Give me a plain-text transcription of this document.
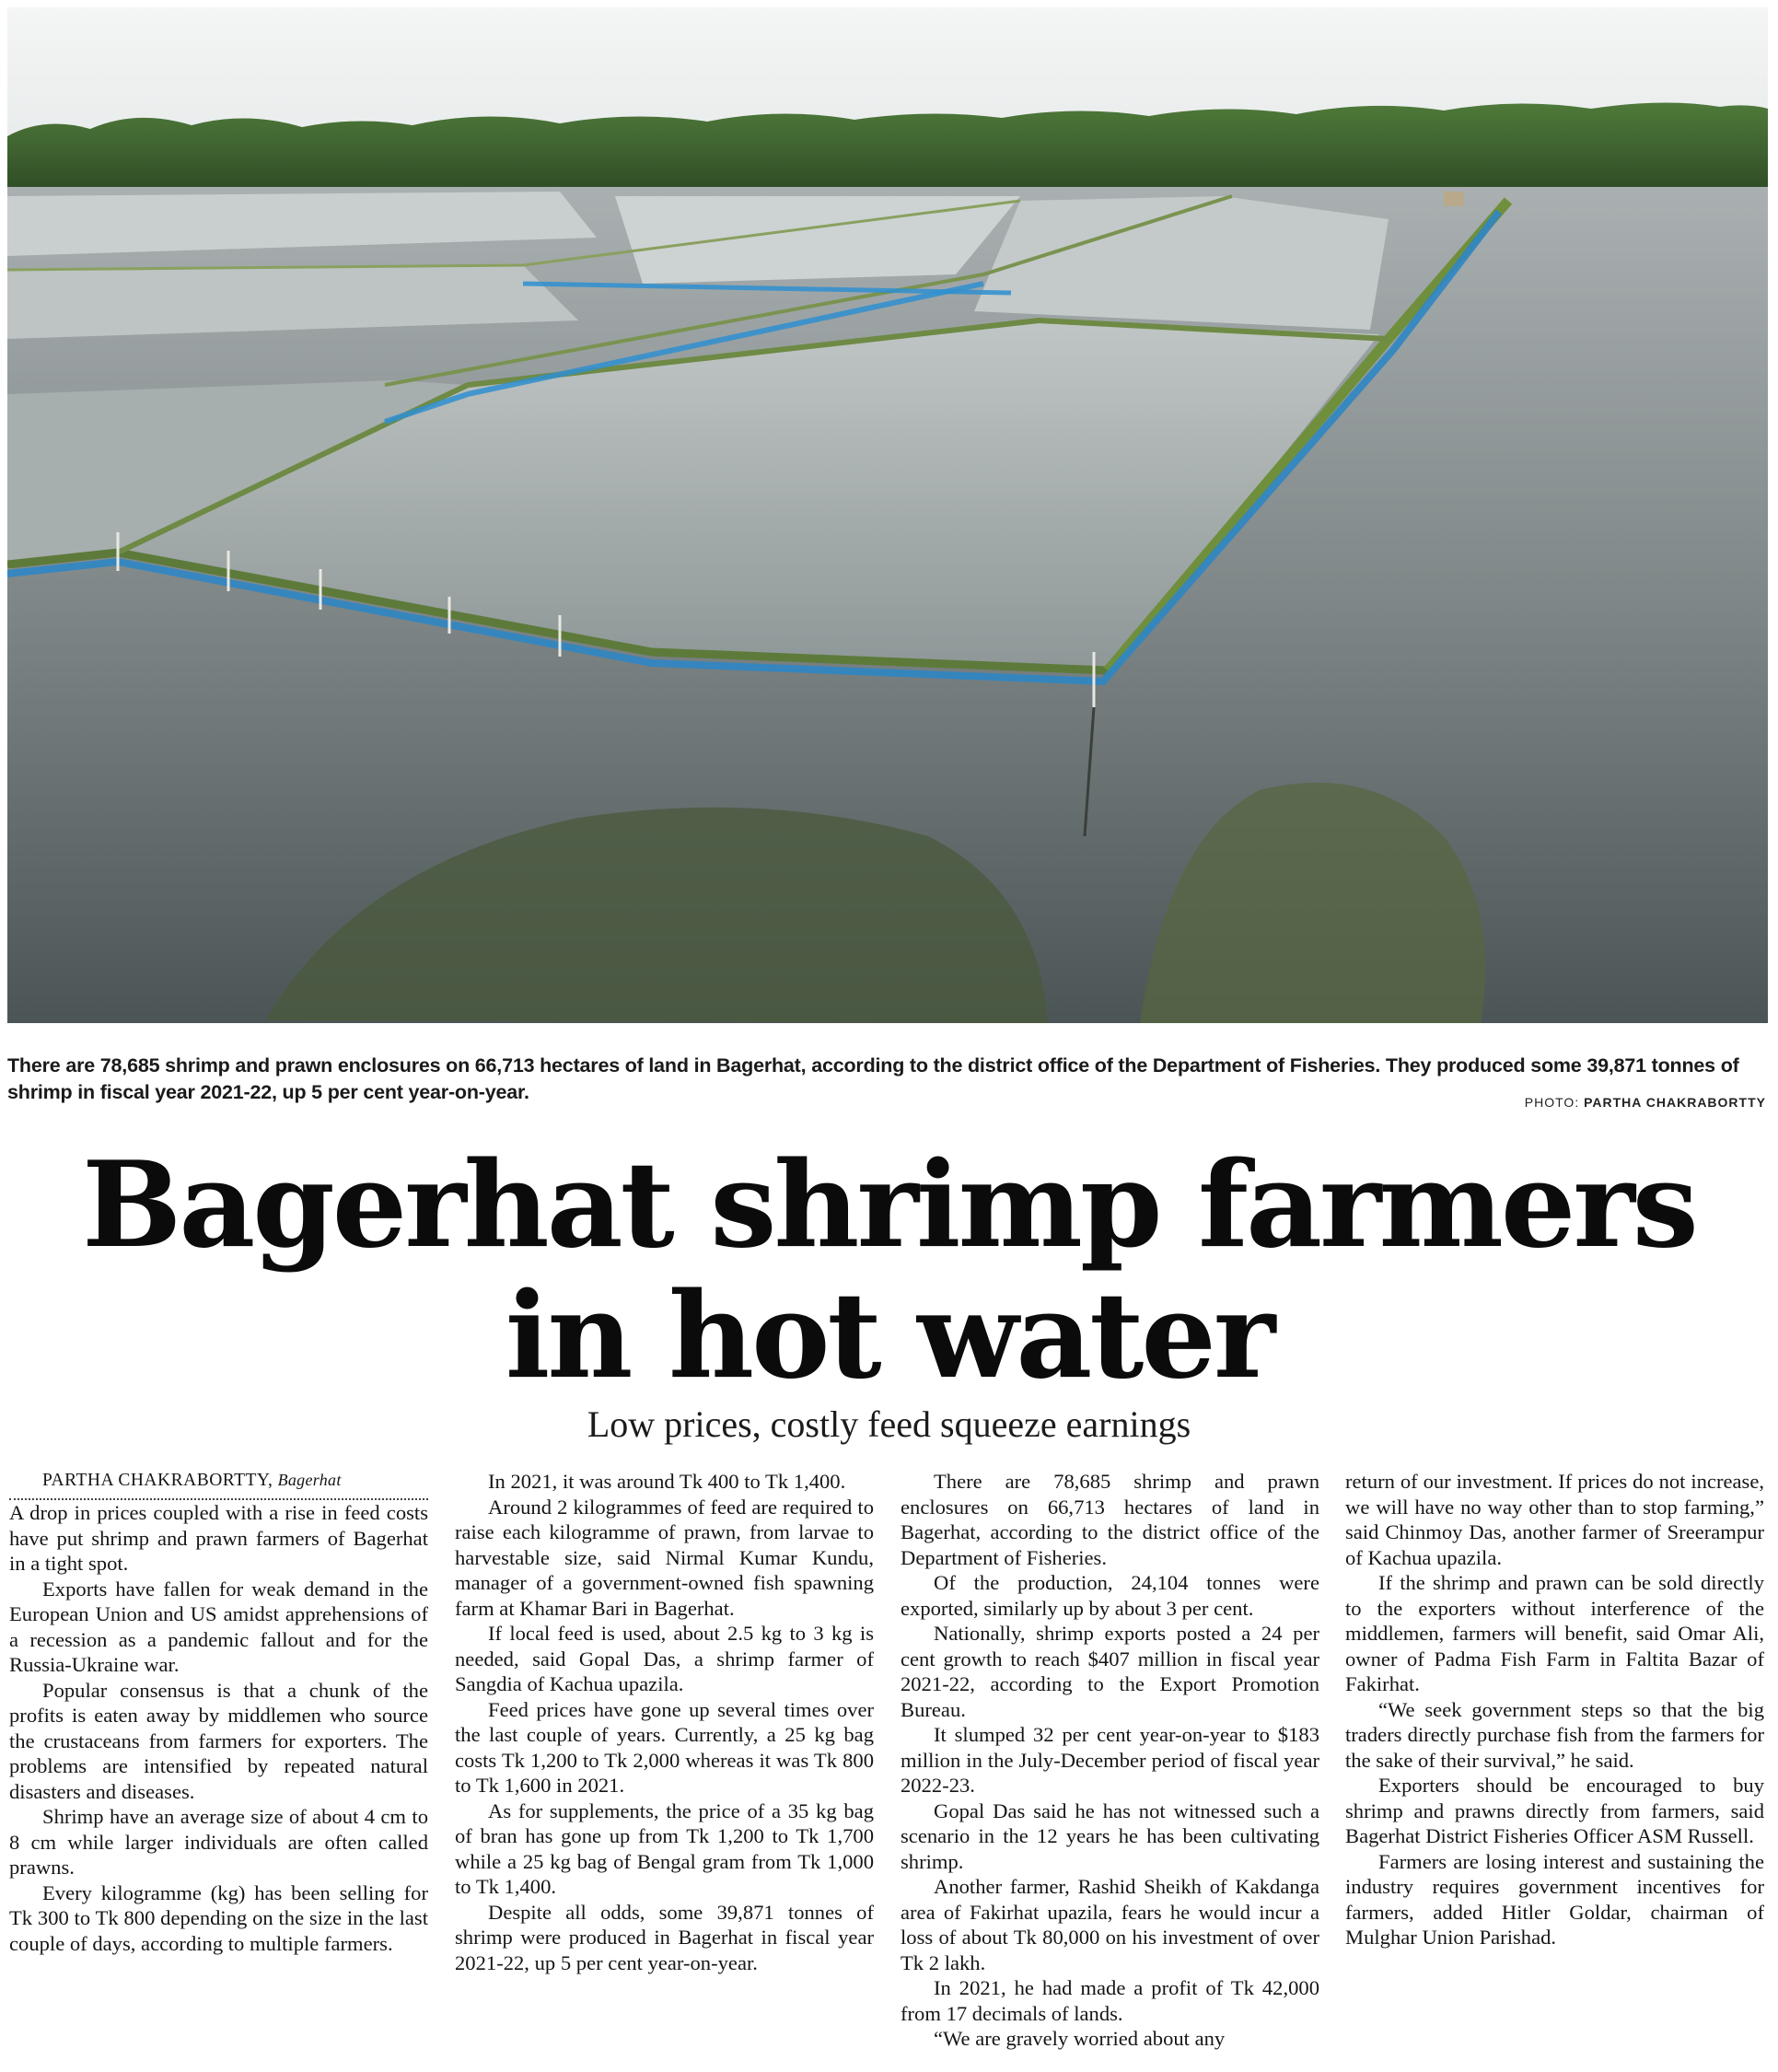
There are 78,685 shrimp and prawn enclosures on 66,713 hectares of land in Bagerhat, according to the district office of the Department of Fisheries. They produced some 39,871 tonnes of shrimp in fiscal year 2021-22, up 5 per cent year-on-year.	PHOTO: PARTHA CHAKRABORTTY
Bagerhat shrimp farmers
in hot water
Low prices, costly feed squeeze earnings

PARTHA CHAKRABORTTY, Bagerhat

A drop in prices coupled with a rise in feed costs have put shrimp and prawn farmers of Bagerhat in a tight spot.

Exports have fallen for weak demand in the European Union and US amidst apprehensions of a recession as a pandemic fallout and for the Russia-Ukraine war.

Popular consensus is that a chunk of the profits is eaten away by middlemen who source the crustaceans from farmers for exporters. The problems are intensified by repeated natural disasters and diseases.

Shrimp have an average size of about 4 cm to 8 cm while larger individuals are often called prawns.

Every kilogramme (kg) has been selling for Tk 300 to Tk 800 depending on the size in the last couple of days, according to multiple farmers.

In 2021, it was around Tk 400 to Tk 1,400.

Around 2 kilogrammes of feed are required to raise each kilogramme of prawn, from larvae to harvestable size, said Nirmal Kumar Kundu, manager of a government-owned fish spawning farm at Khamar Bari in Bagerhat.

If local feed is used, about 2.5 kg to 3 kg is needed, said Gopal Das, a shrimp farmer of Sangdia of Kachua upazila.

Feed prices have gone up several times over the last couple of years. Currently, a 25 kg bag costs Tk 1,200 to Tk 2,000 whereas it was Tk 800 to Tk 1,600 in 2021.

As for supplements, the price of a 35 kg bag of bran has gone up from Tk 1,200 to Tk 1,700 while a 25 kg bag of Bengal gram from Tk 1,000 to Tk 1,400.

Despite all odds, some 39,871 tonnes of shrimp were produced in Bagerhat in fiscal year 2021-22, up 5 per cent year-on-year.

There are 78,685 shrimp and prawn enclosures on 66,713 hectares of land in Bagerhat, according to the district office of the Department of Fisheries.

Of the production, 24,104 tonnes were exported, similarly up by about 3 per cent.

Nationally, shrimp exports posted a 24 per cent growth to reach $407 million in fiscal year 2021-22, according to the Export Promotion Bureau.

It slumped 32 per cent year-on-year to $183 million in the July-December period of fiscal year 2022-23.

Gopal Das said he has not witnessed such a scenario in the 12 years he has been cultivating shrimp.

Another farmer, Rashid Sheikh of Kakdanga area of Fakirhat upazila, fears he would incur a loss of about Tk 80,000 on his investment of over Tk 2 lakh.

In 2021, he had made a profit of Tk 42,000 from 17 decimals of lands.

“We are gravely worried about any

return of our investment. If prices do not increase, we will have no way other than to stop farming,” said Chinmoy Das, another farmer of Sreerampur of Kachua upazila.

If the shrimp and prawn can be sold directly to the exporters without interference of the middlemen, farmers will benefit, said Omar Ali, owner of Padma Fish Farm in Faltita Bazar of Fakirhat.

“We seek government steps so that the big traders directly purchase fish from the farmers for the sake of their survival,” he said.

Exporters should be encouraged to buy shrimp and prawns directly from farmers, said Bagerhat District Fisheries Officer ASM Russell.

Farmers are losing interest and sustaining the industry requires government incentives for farmers, added Hitler Goldar, chairman of Mulghar Union Parishad.
